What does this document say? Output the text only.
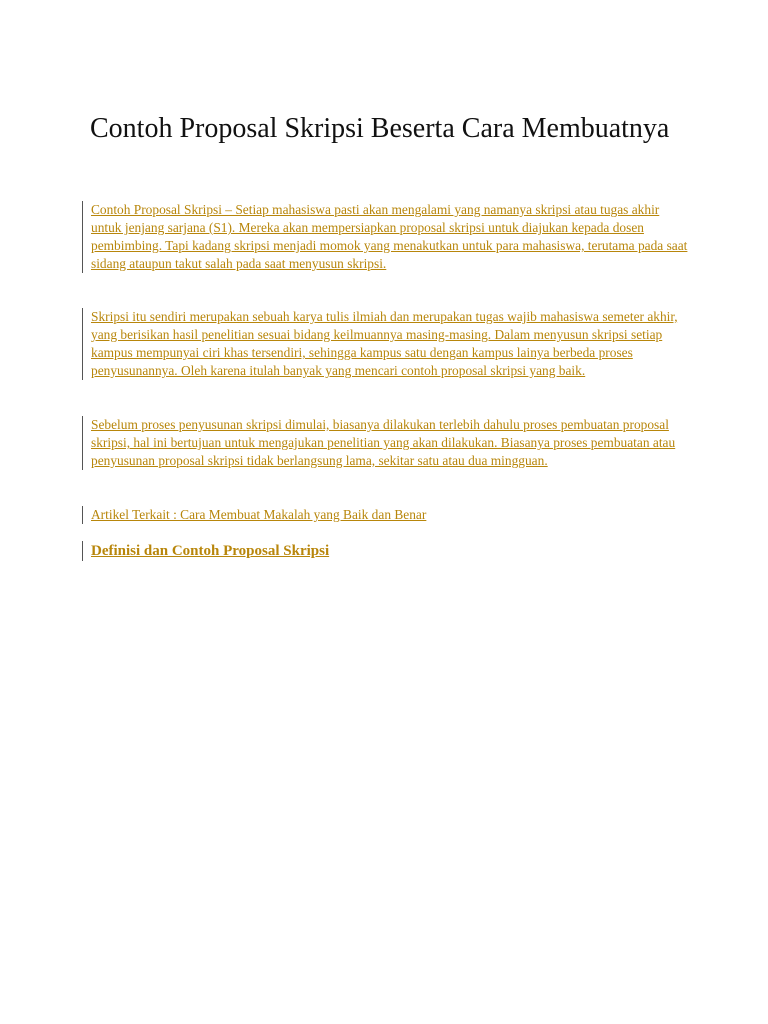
Contoh Proposal Skripsi Beserta Cara Membuatnya
Contoh Proposal Skripsi – Setiap mahasiswa pasti akan mengalami yang namanya skripsi atau tugas akhir untuk jenjang sarjana (S1). Mereka akan mempersiapkan proposal skripsi untuk diajukan kepada dosen pembimbing. Tapi kadang skripsi menjadi momok yang menakutkan untuk para mahasiswa, terutama pada saat sidang ataupun takut salah pada saat menyusun skripsi.
Skripsi itu sendiri merupakan sebuah karya tulis ilmiah dan merupakan tugas wajib mahasiswa semeter akhir, yang berisikan hasil penelitian sesuai bidang keilmuannya masing-masing. Dalam menyusun skripsi setiap kampus mempunyai ciri khas tersendiri, sehingga kampus satu dengan kampus lainya berbeda proses penyusunannya. Oleh karena itulah banyak yang mencari contoh proposal skripsi yang baik.
Sebelum proses penyusunan skripsi dimulai, biasanya dilakukan terlebih dahulu proses pembuatan proposal skripsi, hal ini bertujuan untuk mengajukan penelitian yang akan dilakukan. Biasanya proses pembuatan atau penyusunan proposal skripsi tidak berlangsung lama, sekitar satu atau dua mingguan.
Artikel Terkait : Cara Membuat Makalah yang Baik dan Benar
Definisi dan Contoh Proposal Skripsi
